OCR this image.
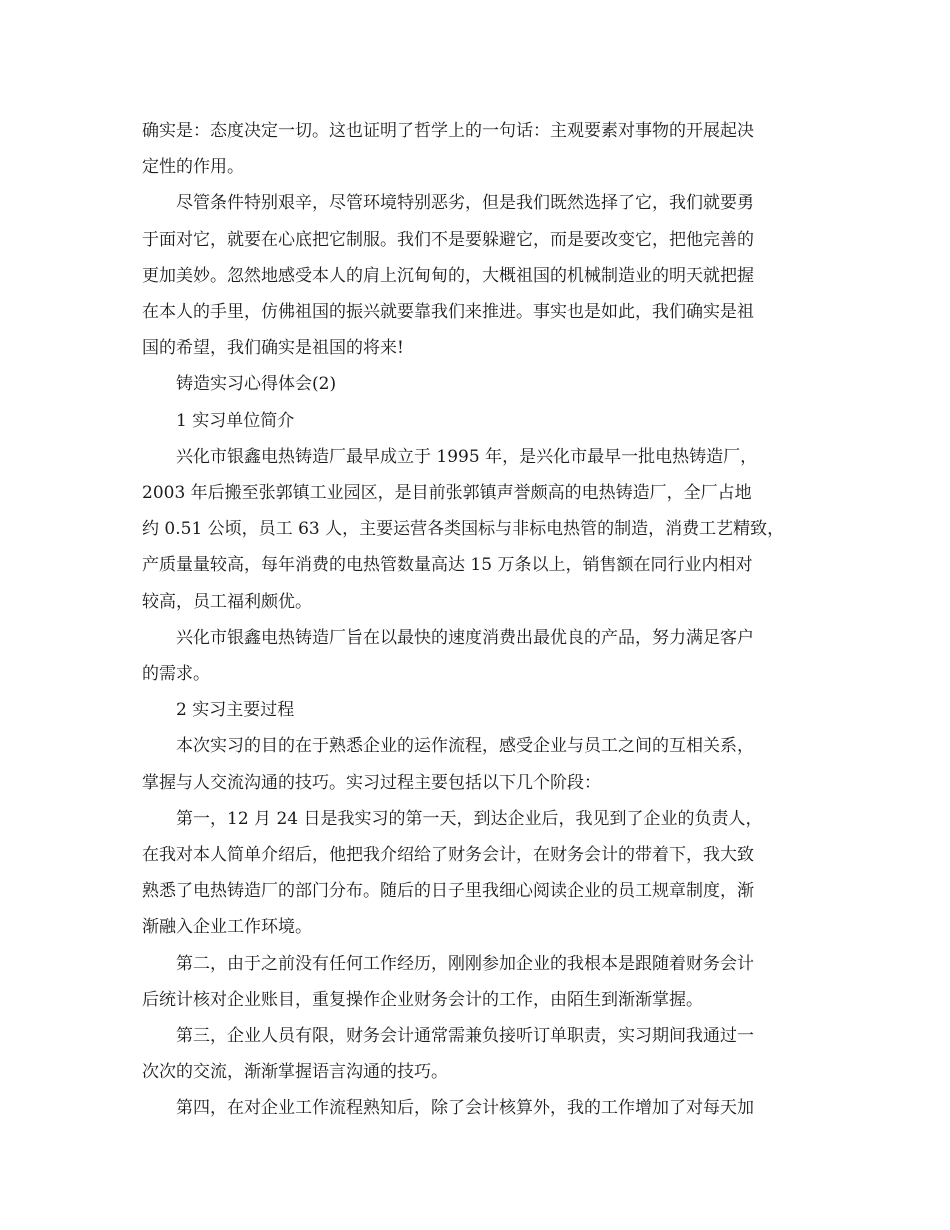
确实是：态度决定一切。这也证明了哲学上的一句话：主观要素对事物的开展起决
定性的作用。

尽管条件特别艰辛，尽管环境特别恶劣，但是我们既然选择了它，我们就要勇
于面对它，就要在心底把它制服。我们不是要躲避它，而是要改变它，把他完善的
更加美妙。忽然地感受本人的肩上沉甸甸的，大概祖国的机械制造业的明天就把握
在本人的手里，仿佛祖国的振兴就要靠我们来推进。事实也是如此，我们确实是祖
国的希望，我们确实是祖国的将来!

铸造实习心得体会(2)

1 实习单位简介

兴化市银鑫电热铸造厂最早成立于 1995 年，是兴化市最早一批电热铸造厂，
2003 年后搬至张郭镇工业园区，是目前张郭镇声誉颇高的电热铸造厂，全厂占地
约 0.51 公顷，员工 63 人，主要运营各类国标与非标电热管的制造，消费工艺精致，
产质量量较高，每年消费的电热管数量高达 15 万条以上，销售额在同行业内相对
较高，员工福利颇优。

兴化市银鑫电热铸造厂旨在以最快的速度消费出最优良的产品，努力满足客户
的需求。

2 实习主要过程

本次实习的目的在于熟悉企业的运作流程，感受企业与员工之间的互相关系，
掌握与人交流沟通的技巧。实习过程主要包括以下几个阶段：

第一，12 月 24 日是我实习的第一天，到达企业后，我见到了企业的负责人，
在我对本人简单介绍后，他把我介绍给了财务会计，在财务会计的带着下，我大致
熟悉了电热铸造厂的部门分布。随后的日子里我细心阅读企业的员工规章制度，渐
渐融入企业工作环境。

第二，由于之前没有任何工作经历，刚刚参加企业的我根本是跟随着财务会计
后统计核对企业账目，重复操作企业财务会计的工作，由陌生到渐渐掌握。

第三，企业人员有限，财务会计通常需兼负接听订单职责，实习期间我通过一
次次的交流，渐渐掌握语言沟通的技巧。

第四，在对企业工作流程熟知后，除了会计核算外，我的工作增加了对每天加
